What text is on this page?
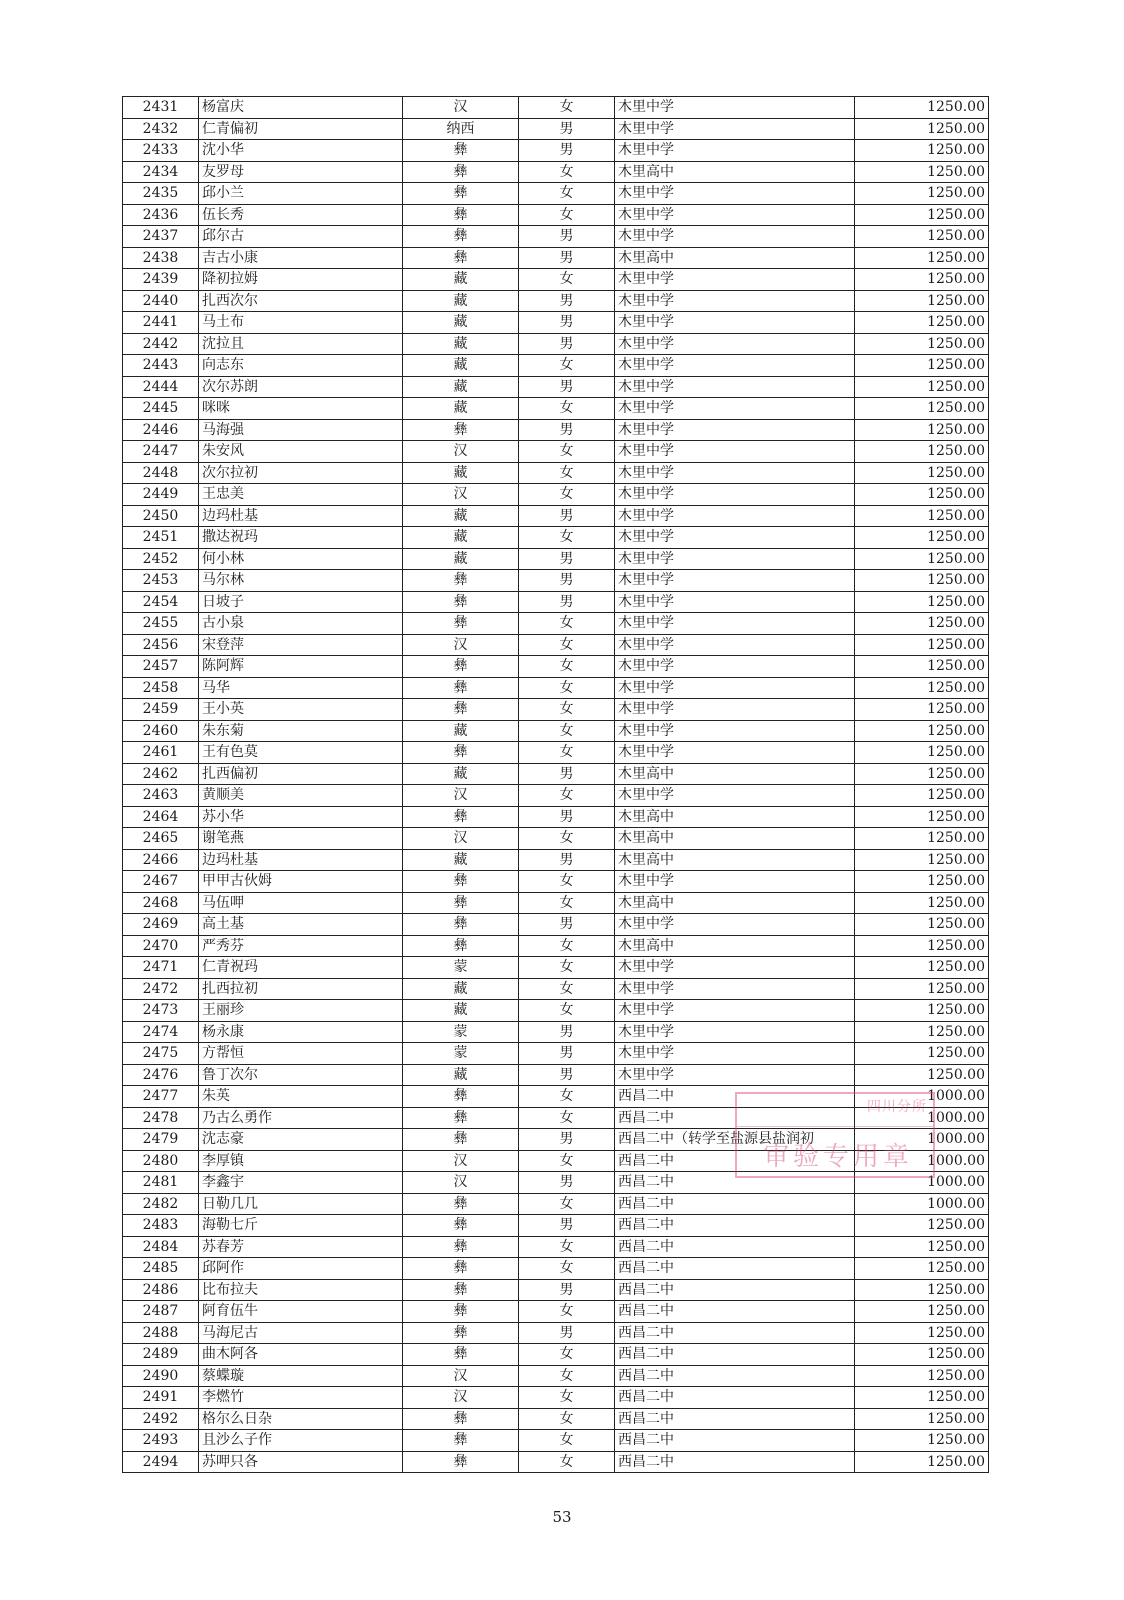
2431	杨富庆	汉	女	木里中学	1250.00
2432	仁青偏初	纳西	男	木里中学	1250.00
2433	沈小华	彝	男	木里中学	1250.00
2434	友罗母	彝	女	木里高中	1250.00
2435	邱小兰	彝	女	木里中学	1250.00
2436	伍长秀	彝	女	木里中学	1250.00
2437	邱尔古	彝	男	木里中学	1250.00
2438	吉古小康	彝	男	木里高中	1250.00
2439	降初拉姆	藏	女	木里中学	1250.00
2440	扎西次尔	藏	男	木里中学	1250.00
2441	马土布	藏	男	木里中学	1250.00
2442	沈拉且	藏	男	木里中学	1250.00
2443	向志东	藏	女	木里中学	1250.00
2444	次尔苏朗	藏	男	木里中学	1250.00
2445	咪咪	藏	女	木里中学	1250.00
2446	马海强	彝	男	木里中学	1250.00
2447	朱安风	汉	女	木里中学	1250.00
2448	次尔拉初	藏	女	木里中学	1250.00
2449	王忠美	汉	女	木里中学	1250.00
2450	边玛杜基	藏	男	木里中学	1250.00
2451	撒达祝玛	藏	女	木里中学	1250.00
2452	何小林	藏	男	木里中学	1250.00
2453	马尔林	彝	男	木里中学	1250.00
2454	日坡子	彝	男	木里中学	1250.00
2455	古小泉	彝	女	木里中学	1250.00
2456	宋登萍	汉	女	木里中学	1250.00
2457	陈阿辉	彝	女	木里中学	1250.00
2458	马华	彝	女	木里中学	1250.00
2459	王小英	彝	女	木里中学	1250.00
2460	朱东菊	藏	女	木里中学	1250.00
2461	王有色莫	彝	女	木里中学	1250.00
2462	扎西偏初	藏	男	木里高中	1250.00
2463	黄顺美	汉	女	木里中学	1250.00
2464	苏小华	彝	男	木里高中	1250.00
2465	谢笔燕	汉	女	木里高中	1250.00
2466	边玛杜基	藏	男	木里高中	1250.00
2467	甲甲古伙姆	彝	女	木里中学	1250.00
2468	马伍呷	彝	女	木里高中	1250.00
2469	高土基	彝	男	木里中学	1250.00
2470	严秀芬	彝	女	木里高中	1250.00
2471	仁青祝玛	蒙	女	木里中学	1250.00
2472	扎西拉初	藏	女	木里中学	1250.00
2473	王丽珍	藏	女	木里中学	1250.00
2474	杨永康	蒙	男	木里中学	1250.00
2475	方帮恒	蒙	男	木里中学	1250.00
2476	鲁丁次尔	藏	男	木里中学	1250.00
2477	朱英	彝	女	西昌二中	1000.00
2478	乃古么勇作	彝	女	西昌二中	1000.00
2479	沈志豪	彝	男	西昌二中（转学至盐源县盐润初	1000.00
2480	李厚镇	汉	女	西昌二中	1000.00
2481	李鑫宇	汉	男	西昌二中	1000.00
2482	日勒几几	彝	女	西昌二中	1000.00
2483	海勒七斤	彝	男	西昌二中	1250.00
2484	苏春芳	彝	女	西昌二中	1250.00
2485	邱阿作	彝	女	西昌二中	1250.00
2486	比布拉夫	彝	男	西昌二中	1250.00
2487	阿育伍牛	彝	女	西昌二中	1250.00
2488	马海尼古	彝	男	西昌二中	1250.00
2489	曲木阿各	彝	女	西昌二中	1250.00
2490	蔡蝶璇	汉	女	西昌二中	1250.00
2491	李燃竹	汉	女	西昌二中	1250.00
2492	格尔么日杂	彝	女	西昌二中	1250.00
2493	且沙么子作	彝	女	西昌二中	1250.00
2494	苏呷只各	彝	女	西昌二中	1250.00
四川分所
审验专用章
53
